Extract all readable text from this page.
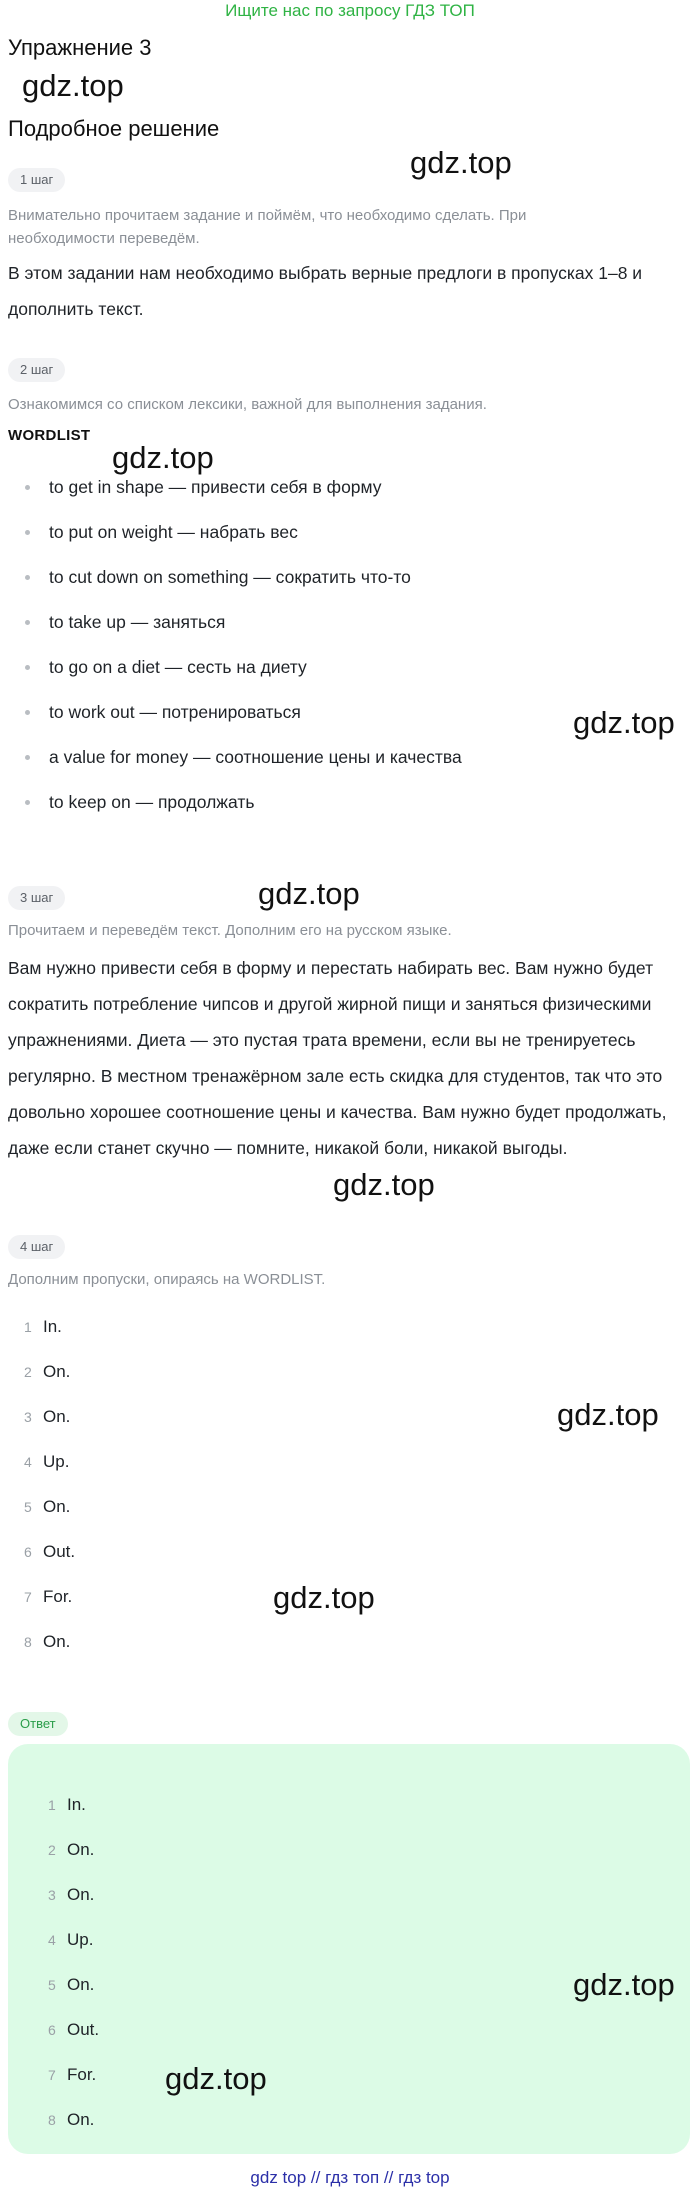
Ищите нас по запросу ГДЗ ТОП
Упражнение 3
gdz.top
Подробное решение
gdz.top
1 шаг
Внимательно прочитаем задание и поймём, что необходимо сделать. При необходимости переведём.
В этом задании нам необходимо выбрать верные предлоги в пропусках 1–8 и дополнить текст.
2 шаг
Ознакомимся со списком лексики, важной для выполнения задания.
WORDLIST
gdz.top
to get in shape — привести себя в форму
to put on weight — набрать вес
to cut down on something — сократить что-то
to take up — заняться
to go on a diet — сесть на диету
to work out — потренироваться
a value for money — соотношение цены и качества
to keep on — продолжать
gdz.top
3 шаг	gdz.top
Прочитаем и переведём текст. Дополним его на русском языке.
Вам нужно привести себя в форму и перестать набирать вес. Вам нужно будет сократить потребление чипсов и другой жирной пищи и заняться физическими упражнениями. Диета — это пустая трата времени, если вы не тренируетесь регулярно. В местном тренажёрном зале есть скидка для студентов, так что это довольно хорошее соотношение цены и качества. Вам нужно будет продолжать, даже если станет скучно — помните, никакой боли, никакой выгоды.
gdz.top
4 шаг
Дополним пропуски, опираясь на WORDLIST.
1 In.
2 On.
3 On.
4 Up.
5 On.
6 Out.
7 For.
8 On.
gdz.top
gdz.top
Ответ
1 In.
2 On.
3 On.
4 Up.
5 On.
6 Out.
7 For.
8 On.
gdz.top
gdz.top
gdz top // гдз топ // гдз top
